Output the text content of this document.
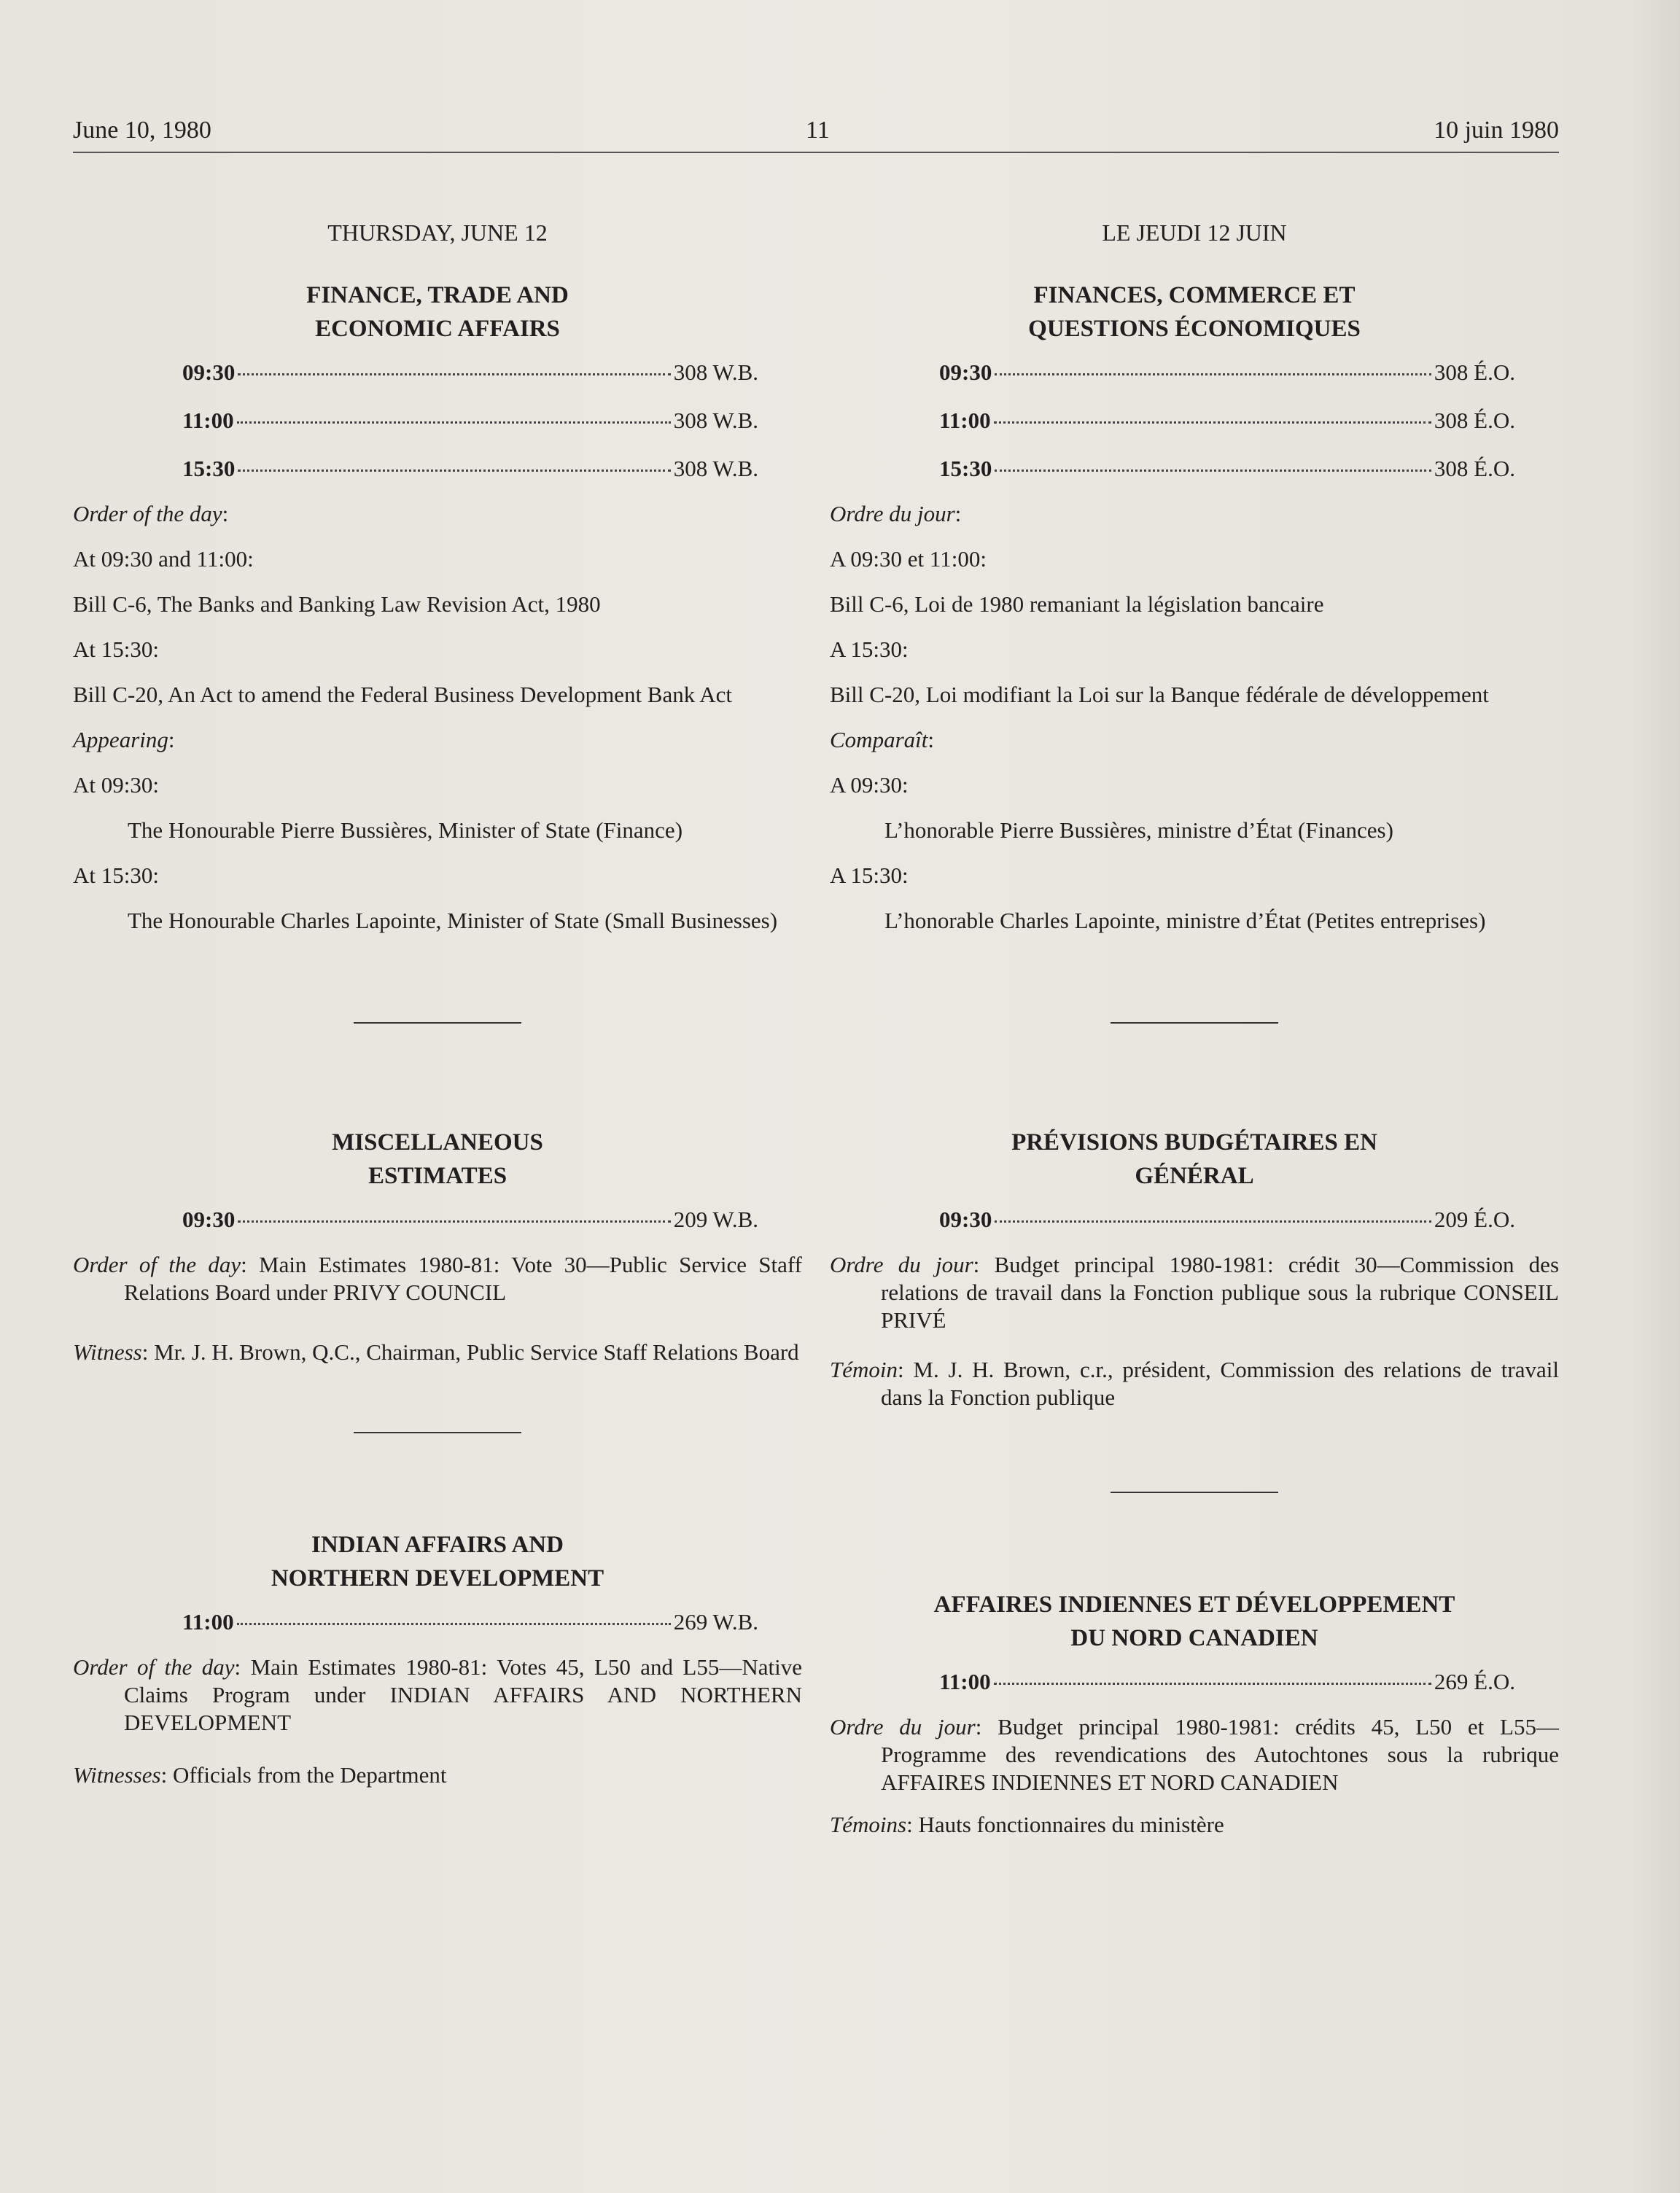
June 10, 1980	11	10 juin 1980
THURSDAY, JUNE 12

FINANCE, TRADE AND

ECONOMIC AFFAIRS

09:30	308 W.B.
11:00	308 W.B.
15:30	308 W.B.
Order of the day:
At 09:30 and 11:00:
Bill C-6, The Banks and Banking Law Revision Act, 1980
At 15:30:
Bill C-20, An Act to amend the Federal Business Development Bank Act
Appearing:
At 09:30:
The Honourable Pierre Bussières, Minister of State (Finance)
At 15:30:
The Honourable Charles Lapointe, Minister of State (Small Businesses)

MISCELLANEOUS

ESTIMATES

09:30	209 W.B.
Order of the day: Main Estimates 1980-81: Vote 30—Public Service Staff Relations Board under PRIVY COUNCIL
Witness: Mr. J. H. Brown, Q.C., Chairman, Public Service Staff Relations Board

INDIAN AFFAIRS AND

NORTHERN DEVELOPMENT

11:00	269 W.B.
Order of the day: Main Estimates 1980-81: Votes 45, L50 and L55—Native Claims Program under INDIAN AFFAIRS AND NORTHERN DEVELOPMENT
Witnesses: Officials from the Department
LE JEUDI 12 JUIN

FINANCES, COMMERCE ET

QUESTIONS ÉCONOMIQUES

09:30	308 É.O.
11:00	308 É.O.
15:30	308 É.O.
Ordre du jour:
A 09:30 et 11:00:
Bill C-6, Loi de 1980 remaniant la législation bancaire
A 15:30:
Bill C-20, Loi modifiant la Loi sur la Banque fédérale de développement
Comparaît:
A 09:30:
L’honorable Pierre Bussières, ministre d’État (Finances)
A 15:30:
L’honorable Charles Lapointe, ministre d’État (Petites entreprises)

PRÉVISIONS BUDGÉTAIRES EN

GÉNÉRAL

09:30	209 É.O.
Ordre du jour: Budget principal 1980-1981: crédit 30—Commission des relations de travail dans la Fonction publique sous la rubrique CONSEIL PRIVÉ
Témoin: M. J. H. Brown, c.r., président, Commission des relations de travail dans la Fonction publique

AFFAIRES INDIENNES ET DÉVELOPPEMENT

DU NORD CANADIEN

11:00	269 É.O.
Ordre du jour: Budget principal 1980-1981: crédits 45, L50 et L55—Programme des revendications des Autochtones sous la rubrique AFFAIRES INDIENNES ET NORD CANADIEN
Témoins: Hauts fonctionnaires du ministère
